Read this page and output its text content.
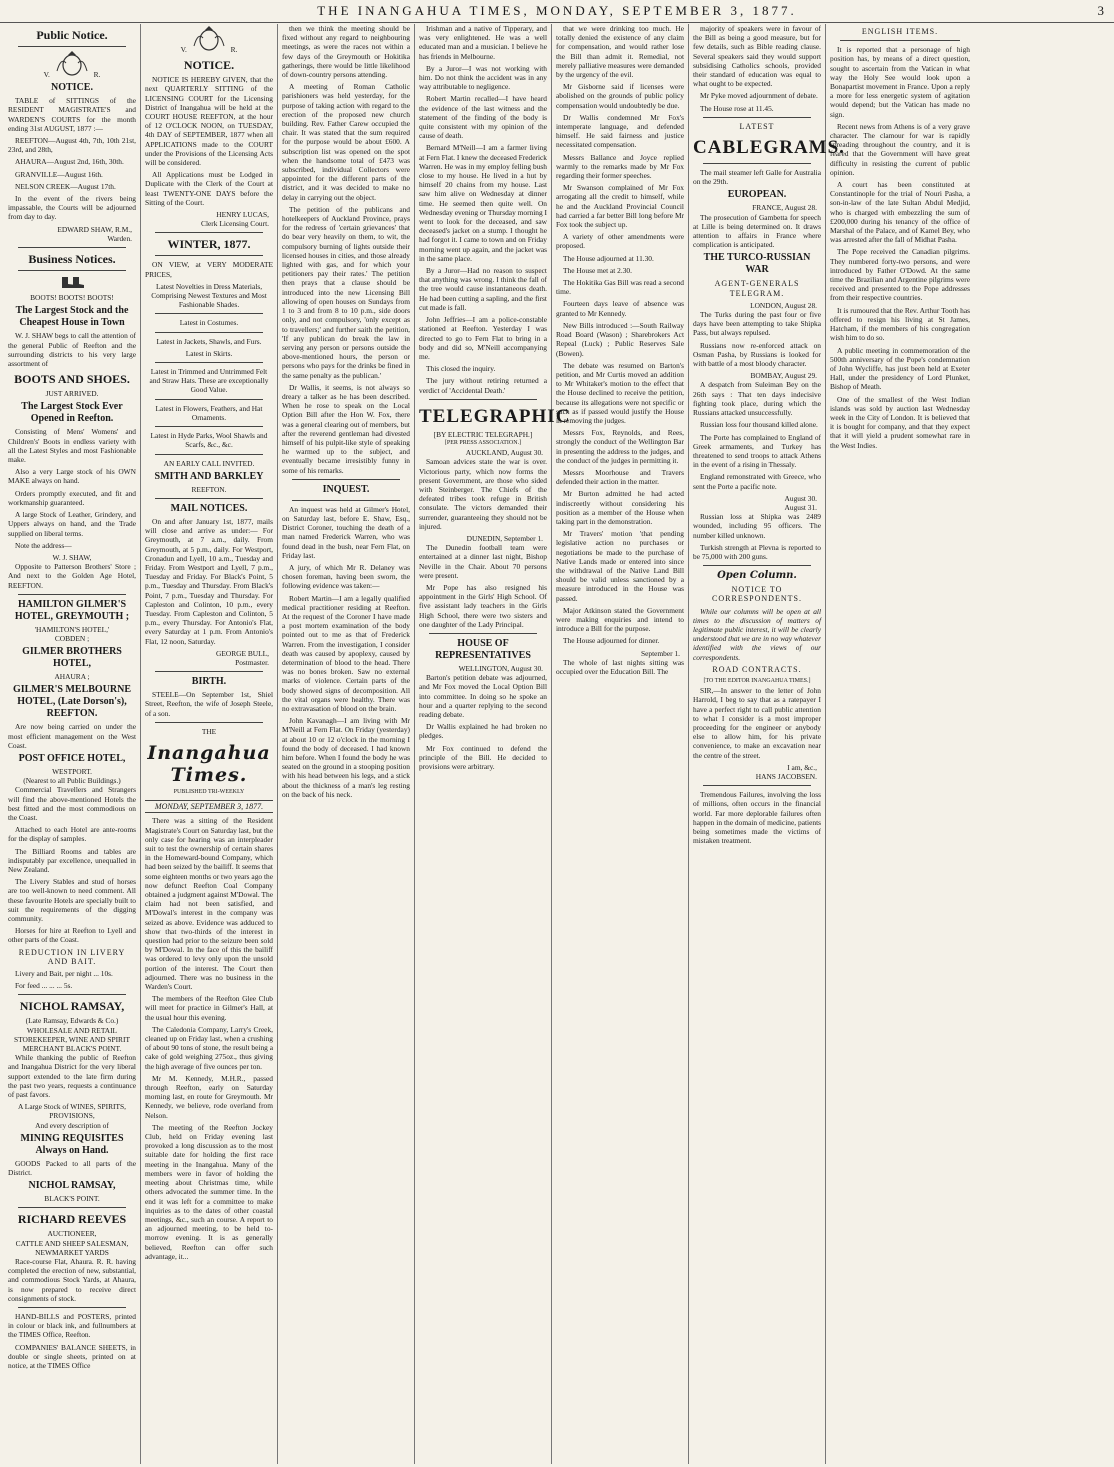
THE INANGAHUA TIMES, MONDAY, SEPTEMBER 3, 1877.	3
Public Notice.
V.	R.
NOTICE.

TABLE of SITTINGS of the RESIDENT MAGISTRATE'S and WARDEN'S COURTS for the month ending 31st AUGUST, 1877 :—

REEFTON—August 4th, 7th, 10th 21st, 23rd, and 28th,

AHAURA—August 2nd, 16th, 30th.

GRANVILLE—August 16th.

NELSON CREEK—August 17th.

In the event of the rivers being impassable, the Courts will be adjourned from day to day.

EDWARD SHAW, R.M.,
Warden.
Business Notices.
BOOTS! BOOTS! BOOTS!
The Largest Stock and the Cheapest House in Town

W. J. SHAW begs to call the attention of the general Public of Reefton and the surrounding districts to his very large assortment of

BOOTS AND SHOES.
JUST ARRIVED.
The Largest Stock Ever Opened in Reefton.

Consisting of Mens' Womens' and Children's' Boots in endless variety with all the Latest Styles and most Fashionable make.

Also a very Large stock of his OWN MAKE always on hand.

Orders promptly executed, and fit and workmanship guaranteed.

A large Stock of Leather, Grindery, and Uppers always on hand, and the Trade supplied on liberal terms.

Note the address—

W. J. SHAW,

Opposite to Patterson Brothers' Store ; And next to the Golden Age Hotel, REEFTON.

HAMILTON GILMER'S HOTEL, GREYMOUTH ;
'HAMILTON'S HOTEL,'
COBDEN ;
GILMER BROTHERS HOTEL,
AHAURA ;
GILMER'S MELBOURNE HOTEL, (Late Dorson's), REEFTON.

Are now being carried on under the most efficient management on the West Coast.

POST OFFICE HOTEL,
WESTPORT.
(Nearest to all Public Buildings.)

Commercial Travellers and Strangers will find the above-mentioned Hotels the best fitted and the most commodious on the Coast.

Attached to each Hotel are ante-rooms for the display of samples.

The Billiard Rooms and tables are indisputably par excellence, unequalled in New Zealand.

The Livery Stables and stud of horses are too well-known to need comment. All these favourite Hotels are specially built to suit the requirements of the digging community.

Horses for hire at Reefton to Lyell and other parts of the Coast.

REDUCTION IN LIVERY AND BAIT.

Livery and Bait, per night ... 10s.

For feed ... ... ... 5s.

NICHOL RAMSAY,
(Late Ramsay, Edwards & Co.) WHOLESALE AND RETAIL STOREKEEPER, WINE AND SPIRIT MERCHANT BLACK'S POINT.

While thanking the public of Reefton and Inangahua District for the very liberal support extended to the late firm during the past two years, requests a continuance of past favors.

A Large Stock of WINES, SPIRITS, PROVISIONS,
And every description of
MINING REQUISITES Always on Hand.

GOODS Packed to all parts of the District.

NICHOL RAMSAY,
BLACK'S POINT.
RICHARD REEVES
AUCTIONEER,
CATTLE AND SHEEP SALESMAN,
NEWMARKET YARDS

Race-course Flat, Ahaura. R. R. having completed the erection of new, substantial, and commodious Stock Yards, at Ahaura, is now prepared to receive direct consignments of stock.

HAND-BILLS and POSTERS, printed in colour or black ink, and fullnumbers at the TIMES Office, Reefton.

COMPANIES' BALANCE SHEETS, in double or single sheets, printed on at notice, at the TIMES Office

V.	R.
NOTICE.

NOTICE IS HEREBY GIVEN, that the next QUARTERLY SITTING of the LICENSING COURT for the Licensing District of Inangahua will be held at the COURT HOUSE REEFTON, at the hour of 12 O'CLOCK NOON, on TUESDAY, 4th DAY of SEPTEMBER, 1877 when all APPLICATIONS made to the COURT under the Provisions of the Licensing Acts will be considered.

All Applications must be Lodged in Duplicate with the Clerk of the Court at least TWENTY-ONE DAYS before the Sitting of the Court.

HENRY LUCAS,
Clerk Licensing Court.
WINTER, 1877.

ON VIEW, at VERY MODERATE PRICES,

Latest Novelties in Dress Materials, Comprising Newest Textures and Most Fashionable Shades.

Latest in Costumes.

Latest in Jackets, Shawls, and Furs.

Latest in Skirts.

Latest in Trimmed and Untrimmed Felt and Straw Hats. These are exceptionally Good Value.

Latest in Flowers, Feathers, and Hat Ornaments.

Latest in Hyde Parks, Wool Shawls and Scarfs, &c., &c.

AN EARLY CALL INVITED.
SMITH AND BARKLEY
REEFTON.
MAIL NOTICES.

On and after January 1st, 1877, mails will close and arrive as under:— For Greymouth, at 7 a.m., daily. From Greymouth, at 5 p.m., daily. For Westport, Cronadun and Lyell, 10 a.m., Tuesday and Friday. From Westport and Lyell, 7 p.m., Tuesday and Friday. For Black's Point, 5 p.m., Tuesday and Thursday. From Black's Point, 7 p.m., Tuesday and Thursday. For Capleston and Colinton, 10 p.m., every Tuesday. From Capleston and Colinton, 5 p.m., every Thursday. For Antonio's Flat, every Saturday at 1 p.m. From Antonio's Flat, 12 noon, Saturday.

GEORGE BULL,
Postmaster.
BIRTH.

STEELE—On September 1st, Shiel Street, Reefton, the wife of Joseph Steele, of a son.

THE
Inangahua Times.
PUBLISHED TRI-WEEKLY
MONDAY, SEPTEMBER 3, 1877.

There was a sitting of the Resident Magistrate's Court on Saturday last, but the only case for hearing was an interpleader suit to test the ownership of certain shares in the Homeward-bound Company, which had been seized by the bailiff. It seems that some eighteen months or two years ago the now defunct Reefton Coal Company obtained a judgment against M'Dowal. The claim had not been satisfied, and M'Dowal's interest in the company was seized as above. Evidence was adduced to show that two-thirds of the interest in question had prior to the seizure been sold by M'Dowal. In the face of this the bailiff was ordered to levy only upon the unsold portion of the interest. The Court then adjourned. There was no business in the Warden's Court.

The members of the Reefton Glee Club will meet for practice in Gilmer's Hall, at the usual hour this evening.

The Caledonia Company, Larry's Creek, cleaned up on Friday last, when a crushing of about 90 tons of stone, the result being a cake of gold weighing 275oz., thus giving the high average of five ounces per ton.

Mr M. Kennedy, M.H.R., passed through Reefton, early on Saturday morning last, en route for Greymouth. Mr Kennedy, we believe, rode overland from Nelson.

The meeting of the Reefton Jockey Club, held on Friday evening last provoked a long discussion as to the most suitable date for holding the first race meeting in the Inangahua. Many of the members were in favor of holding the meeting about Christmas time, while others advocated the summer time. In the end it was left for a committee to make inquiries as to the dates of other coastal meetings, &c., such an course. A report to an adjourned meeting, to be held to-morrow evening. It is as generally believed, Reefton can offer such advantage, it...

then we think the meeting should be fixed without any regard to neighbouring meetings, as were the races not within a few days of the Greymouth or Hokitika gatherings, there would be little likelihood of down-country persons attending.

A meeting of Roman Catholic parishioners was held yesterday, for the purpose of taking action with regard to the erection of the proposed new church building. Rev. Father Carew occupied the chair. It was stated that the sum required for the purpose would be about £600. A subscription list was opened on the spot when the handsome total of £473 was subscribed, individual Collectors were appointed for the different parts of the district, and it was decided to make no delay in carrying out the object.

The petition of the publicans and hotelkeepers of Auckland Province, prays for the redress of 'certain grievances' that do bear very heavily on them, to wit, the compulsory burning of lights outside their licensed houses in cities, and those already lighted with gas, and for which your petitioners pay their rates.' The petition then prays that a clause should be introduced into the new Licensing Bill allowing of open houses on Sundays from 1 to 3 and from 8 to 10 p.m., side doors only, and not compulsory, 'only except as to travellers;' and further saith the petition, 'If any publican do break the law in serving any person or persons outside the above-mentioned hours, the person or persons who pays for the drinks be fined in the same penalty as the publican.'

Dr Wallis, it seems, is not always so dreary a talker as he has been described. When he rose to speak on the Local Option Bill after the Hon W. Fox, there was a general clearing out of members, but after the reverend gentleman had divested himself of his pulpit-like style of speaking he warmed up to the subject, and eventually became irresistibly funny in some of his remarks.

INQUEST.

An inquest was held at Gilmer's Hotel, on Saturday last, before E. Shaw, Esq., District Coroner, touching the death of a man named Frederick Warren, who was found dead in the bush, near Fern Flat, on Friday last.

A jury, of which Mr R. Delaney was chosen foreman, having been sworn, the following evidence was taken:—

Robert Martin—I am a legally qualified medical practitioner residing at Reefton. At the request of the Coroner I have made a post mortem examination of the body pointed out to me as that of Frederick Warren. From the investigation, I consider death was caused by apoplexy, caused by determination of blood to the head. There was no bones broken. Saw no external marks of violence. Certain parts of the body showed signs of decomposition. All the vital organs were healthy. There was no extravasation of blood on the brain.

John Kavanagh—I am living with Mr M'Neill at Fern Flat. On Friday (yesterday) at about 10 or 12 o'clock in the morning I found the body of deceased. I had known him before. When I found the body he was seated on the ground in a stooping position with his head between his legs, and a stick about the thickness of a man's leg resting on the back of his neck.

Irishman and a native of Tipperary, and was very enlightened. He was a well educated man and a musician. I believe he has friends in Melbourne.

By a Juror—I was not working with him. Do not think the accident was in any way attributable to negligence.

Robert Martin recalled—I have heard the evidence of the last witness and the statement of the finding of the body is quite consistent with my opinion of the cause of death.

Bernard M'Neill—I am a farmer living at Fern Flat. I knew the deceased Frederick Warren. He was in my employ felling bush close to my house. He lived in a hut by himself 20 chains from my house. Last saw him alive on Wednesday at dinner time. He seemed then quite well. On Wednesday evening or Thursday morning I went to look for the deceased, and saw deceased's jacket on a stump. I thought he had forgot it. I came to town and on Friday morning went up again, and the jacket was in the same place.

By a Juror—Had no reason to suspect that anything was wrong. I think the fall of the tree would cause instantaneous death. He had been cutting a sapling, and the first cut made is fall.

John Jeffries—I am a police-constable stationed at Reefton. Yesterday I was directed to go to Fern Flat to bring in a body and did so, M'Neill accompanying me.

This closed the inquiry.

The jury without retiring returned a verdict of 'Accidental Death.'

TELEGRAPHIC
[BY ELECTRIC TELEGRAPH.]
[PER PRESS ASSOCIATION.]
AUCKLAND, August 30.

Samoan advices state the war is over. Victorious party, which now forms the present Government, are those who sided with Steinberger. The Chiefs of the defeated tribes took refuge in British consulate. The victors demanded their surrender, guaranteeing they should not be injured.

DUNEDIN, September 1.

The Dunedin football team were entertained at a dinner last night, Bishop Neville in the Chair. About 70 persons were present.

Mr Pope has also resigned his appointment in the Girls' High School. Of five assistant lady teachers in the Girls High School, there were two sisters and one daughter of the Lady Principal.

HOUSE OF REPRESENTATIVES
WELLINGTON, August 30.

Barton's petition debate was adjourned, and Mr Fox moved the Local Option Bill into committee. In doing so he spoke an hour and a quarter replying to the second reading debate.

Dr Wallis explained he had broken no pledges.

Mr Fox continued to defend the principle of the Bill. He decided to provisions were arbitrary.

that we were drinking too much. He totally denied the existence of any claim for compensation, and would rather lose the Bill than admit it. Remedial, not merely palliative measures were demanded by the urgency of the evil.

Mr Gisborne said if licenses were abolished on the grounds of public policy compensation would undoubtedly be due.

Dr Wallis condemned Mr Fox's intemperate language, and defended himself. He said fairness and justice necessitated compensation.

Messrs Ballance and Joyce replied warmly to the remarks made by Mr Fox regarding their former speeches.

Mr Swanson complained of Mr Fox arrogating all the credit to himself, while he and the Auckland Provincial Council had carried a far better Bill long before Mr Fox took the subject up.

A variety of other amendments were proposed.

The House adjourned at 11.30.

The House met at 2.30.

The Hokitika Gas Bill was read a second time.

Fourteen days leave of absence was granted to Mr Kennedy.

New Bills introduced :—South Railway Road Board (Wason) ; Sharebrokers Act Repeal (Luck) ; Public Reserves Sale (Bowen).

The debate was resumed on Barton's petition, and Mr Curtis moved an addition to Mr Whitaker's motion to the effect that the House declined to receive the petition, because its allegations were not specific or such as if passed would justify the House in removing the judges.

Messrs Fox, Reynolds, and Rees, strongly the conduct of the Wellington Bar in presenting the address to the judges, and the conduct of the judges in permitting it.

Messrs Moorhouse and Travers defended their action in the matter.

Mr Burton admitted he had acted indiscreetly without considering his position as a member of the House when taking part in the demonstration.

Mr Travers' motion 'that pending legislative action no purchases or negotiations be made to the purchase of Native Lands made or entered into since the withdrawal of the Native Land Bill should be valid unless sanctioned by a measure introduced in the House was passed.

Major Atkinson stated the Government were making enquiries and intend to introduce a Bill for the purpose.

The House adjourned for dinner.

September 1.

The whole of last nights sitting was occupied over the Education Bill. The

majority of speakers were in favour of the Bill as being a good measure, but for few details, such as Bible reading clause. Several speakers said they would support subsidising Catholics schools, provided their standard of education was equal to what ought to be expected.

Mr Pyke moved adjournment of debate.

The House rose at 11.45.

LATEST
CABLEGRAMS.

The mail steamer left Galle for Australia on the 29th.

EUROPEAN.
FRANCE, August 28.

The prosecution of Gambetta for speech at Lille is being determined on. It draws attention to affairs in France where complication is anticipated.

THE TURCO-RUSSIAN WAR
AGENT-GENERALS TELEGRAM.
LONDON, August 28.

The Turks during the past four or five days have been attempting to take Shipka Pass, but always repulsed.

Russians now re-enforced attack on Osman Pasha, by Russians is looked for with battle of a most bloody character.

BOMBAY, August 29.

A despatch from Suleiman Bey on the 26th says : That ten days indecisive fighting took place, during which the Russians attacked unsuccessfully.

Russian loss four thousand killed alone.

The Porte has complained to England of Greek armaments, and Turkey has threatened to send troops to attack Athens in the event of a rising in Thessaly.

England remonstrated with Greece, who sent the Porte a pacific note.

August 30.
August 31.

Russian loss at Shipka was 2489 wounded, including 95 officers. The number killed unknown.

Turkish strength at Plevna is reported to be 75,000 with 200 guns.

Open Column.
NOTICE TO CORRESPONDENTS.

While our columns will be open at all times to the discussion of matters of legitimate public interest, it will be clearly understood that we are in no way whatever identified with the views of our correspondents.

ROAD CONTRACTS.
[TO THE EDITOR INANGAHUA TIMES.]

SIR,—In answer to the letter of John Harrold, I beg to say that as a ratepayer I have a perfect right to call public attention to what I consider is a most improper proceeding for the engineer or anybody else to allow him, for his private convenience, to make an excavation near the centre of the street.

I am, &c.,
HANS JACOBSEN.

Tremendous Failures, involving the loss of millions, often occurs in the financial world. Far more deplorable failures often happen in the domain of medicine, patients being sometimes made the victims of mistaken treatment.

ENGLISH ITEMS.

It is reported that a personage of high position has, by means of a direct question, sought to ascertain from the Vatican in what way the Holy See would look upon a Bonapartist movement in France. Upon a reply a more for less energetic system of agitation would depend; but the Vatican has made no sign.

Recent news from Athens is of a very grave character. The clamour for war is rapidly spreading throughout the country, and it is feared that the Government will have great difficulty in resisting the current of public opinion.

A court has been constituted at Constantinople for the trial of Nouri Pasha, a son-in-law of the late Sultan Abdul Medjid, who is charged with embezzling the sum of £200,000 during his tenancy of the office of Marshal of the Palace, and of Kamel Bey, who was arrested after the fall of Midhat Pasha.

The Pope received the Canadian pilgrims. They numbered forty-two persons, and were introduced by Father O'Dowd. At the same time the Brazilian and Argentine pilgrims were received and presented to the Pope addresses from their respective countries.

It is rumoured that the Rev. Arthur Tooth has offered to resign his living at St James, Hatcham, if the members of his congregation wish him to do so.

A public meeting in commemoration of the 500th anniversary of the Pope's condemnation of John Wycliffe, has just been held at Exeter Hall, under the presidency of Lord Plunket, Bishop of Meath.

One of the smallest of the West Indian islands was sold by auction last Wednesday week in the City of London. It is believed that it is bought for company, and that they expect that it will yield a prudent somewhat rare in the West Indies.
